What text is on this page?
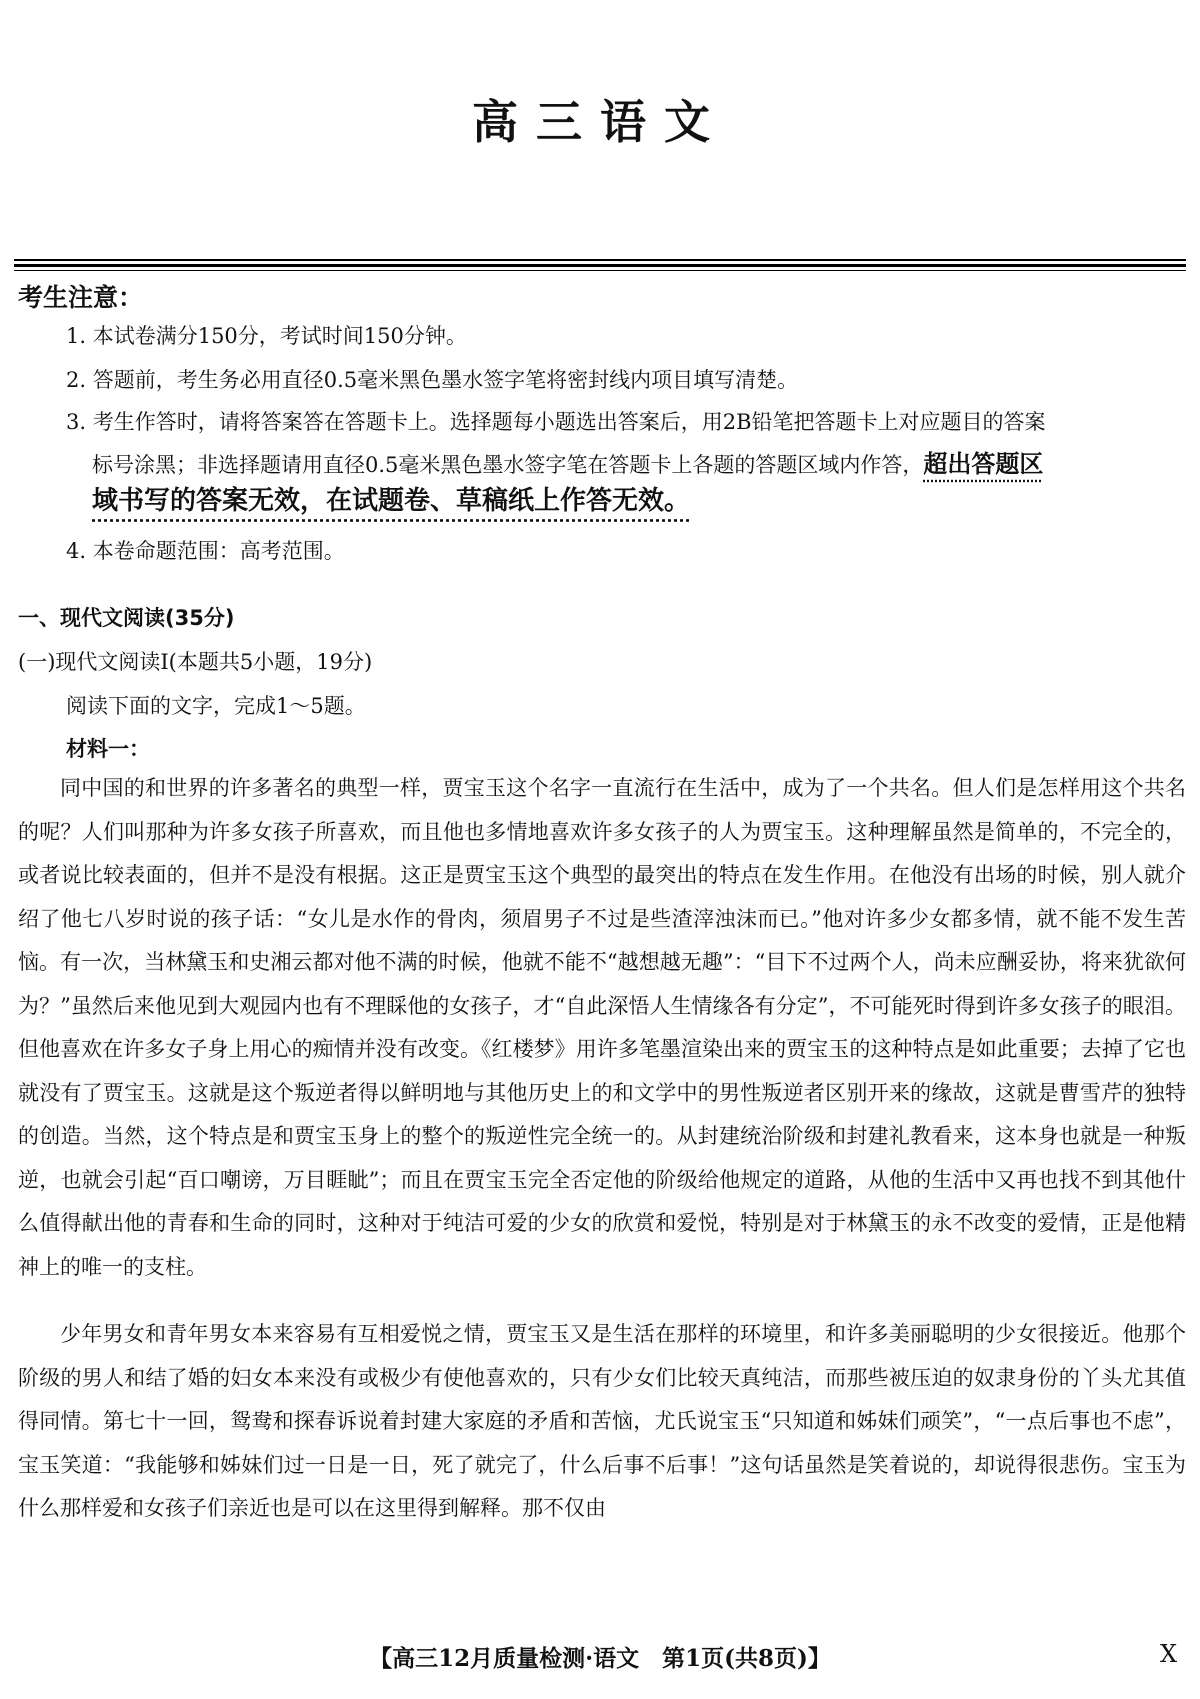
高三语文
考生注意：
1. 本试卷满分150分，考试时间150分钟。
2. 答题前，考生务必用直径0.5毫米黑色墨水签字笔将密封线内项目填写清楚。
3. 考生作答时，请将答案答在答题卡上。选择题每小题选出答案后，用2B铅笔把答题卡上对应题目的答案
标号涂黑；非选择题请用直径0.5毫米黑色墨水签字笔在答题卡上各题的答题区域内作答，超出答题区
域书写的答案无效，在试题卷、草稿纸上作答无效。
4. 本卷命题范围：高考范围。
一、现代文阅读(35分)
(一)现代文阅读Ⅰ(本题共5小题，19分)
阅读下面的文字，完成1～5题。
材料一：

同中国的和世界的许多著名的典型一样，贾宝玉这个名字一直流行在生活中，成为了一个共名。但人们是怎样用这个共名的呢？人们叫那种为许多女孩子所喜欢，而且他也多情地喜欢许多女孩子的人为贾宝玉。这种理解虽然是简单的，不完全的，或者说比较表面的，但并不是没有根据。这正是贾宝玉这个典型的最突出的特点在发生作用。在他没有出场的时候，别人就介绍了他七八岁时说的孩子话：“女儿是水作的骨肉，须眉男子不过是些渣滓浊沫而已。”他对许多少女都多情，就不能不发生苦恼。有一次，当林黛玉和史湘云都对他不满的时候，他就不能不“越想越无趣”：“目下不过两个人，尚未应酬妥协，将来犹欲何为？”虽然后来他见到大观园内也有不理睬他的女孩子，才“自此深悟人生情缘各有分定”，不可能死时得到许多女孩子的眼泪。但他喜欢在许多女子身上用心的痴情并没有改变。《红楼梦》用许多笔墨渲染出来的贾宝玉的这种特点是如此重要；去掉了它也就没有了贾宝玉。这就是这个叛逆者得以鲜明地与其他历史上的和文学中的男性叛逆者区别开来的缘故，这就是曹雪芹的独特的创造。当然，这个特点是和贾宝玉身上的整个的叛逆性完全统一的。从封建统治阶级和封建礼教看来，这本身也就是一种叛逆，也就会引起“百口嘲谤，万目睚眦”；而且在贾宝玉完全否定他的阶级给他规定的道路，从他的生活中又再也找不到其他什么值得献出他的青春和生命的同时，这种对于纯洁可爱的少女的欣赏和爱悦，特别是对于林黛玉的永不改变的爱情，正是他精神上的唯一的支柱。

少年男女和青年男女本来容易有互相爱悦之情，贾宝玉又是生活在那样的环境里，和许多美丽聪明的少女很接近。他那个阶级的男人和结了婚的妇女本来没有或极少有使他喜欢的，只有少女们比较天真纯洁，而那些被压迫的奴隶身份的丫头尤其值得同情。第七十一回，鸳鸯和探春诉说着封建大家庭的矛盾和苦恼，尤氏说宝玉“只知道和姊妹们顽笑”，“一点后事也不虑”，宝玉笑道：“我能够和姊妹们过一日是一日，死了就完了，什么后事不后事！”这句话虽然是笑着说的，却说得很悲伤。宝玉为什么那样爱和女孩子们亲近也是可以在这里得到解释。那不仅由

【高三12月质量检测·语文　第1页(共8页)】	X
